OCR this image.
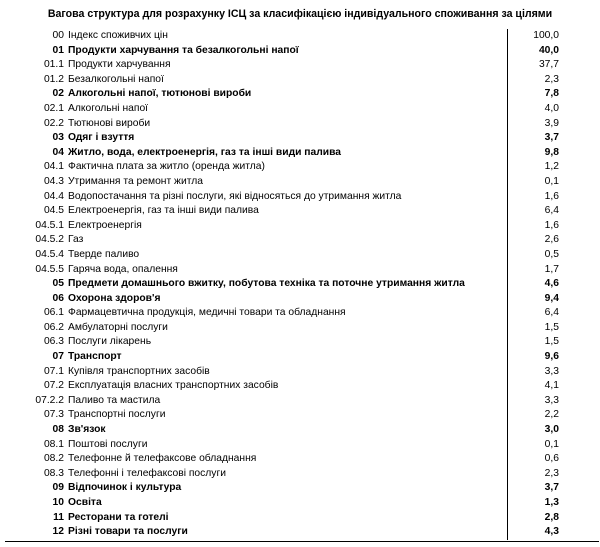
Вагова структура для розрахунку ІСЦ за класифікацією індивідуального споживання за цілями
00 Індекс споживчих цін	100,0
01 Продукти харчування та безалкогольні напої	40,0
01.1 Продукти харчування	37,7
01.2 Безалкогольні напої	2,3
02 Алкогольні напої, тютюнові вироби	7,8
02.1 Алкогольні напої	4,0
02.2 Тютюнові вироби	3,9
03 Одяг і взуття	3,7
04 Житло, вода, електроенергія, газ та інші види палива	9,8
04.1 Фактична плата за житло (оренда житла)	1,2
04.3 Утримання та ремонт житла	0,1
04.4 Водопостачання та різні послуги, які відносяться до утримання житла	1,6
04.5 Електроенергія, газ та інші види палива	6,4
04.5.1 Електроенергія	1,6
04.5.2 Газ	2,6
04.5.4 Тверде паливо	0,5
04.5.5 Гаряча вода, опалення	1,7
05 Предмети домашнього вжитку, побутова техніка та поточне утримання житла	4,6
06 Охорона здоров'я	9,4
06.1 Фармацевтична продукція, медичні товари та обладнання	6,4
06.2 Амбулаторні послуги	1,5
06.3 Послуги лікарень	1,5
07 Транспорт	9,6
07.1 Купівля транспортних засобів	3,3
07.2 Експлуатація власних транспортних засобів	4,1
07.2.2 Паливо та мастила	3,3
07.3 Транспортні послуги	2,2
08 Зв'язок	3,0
08.1 Поштові послуги	0,1
08.2 Телефонне й телефаксове обладнання	0,6
08.3 Телефонні і телефаксові послуги	2,3
09 Відпочинок і культура	3,7
10 Освіта	1,3
11 Ресторани та готелі	2,8
12 Різні товари та послуги	4,3
